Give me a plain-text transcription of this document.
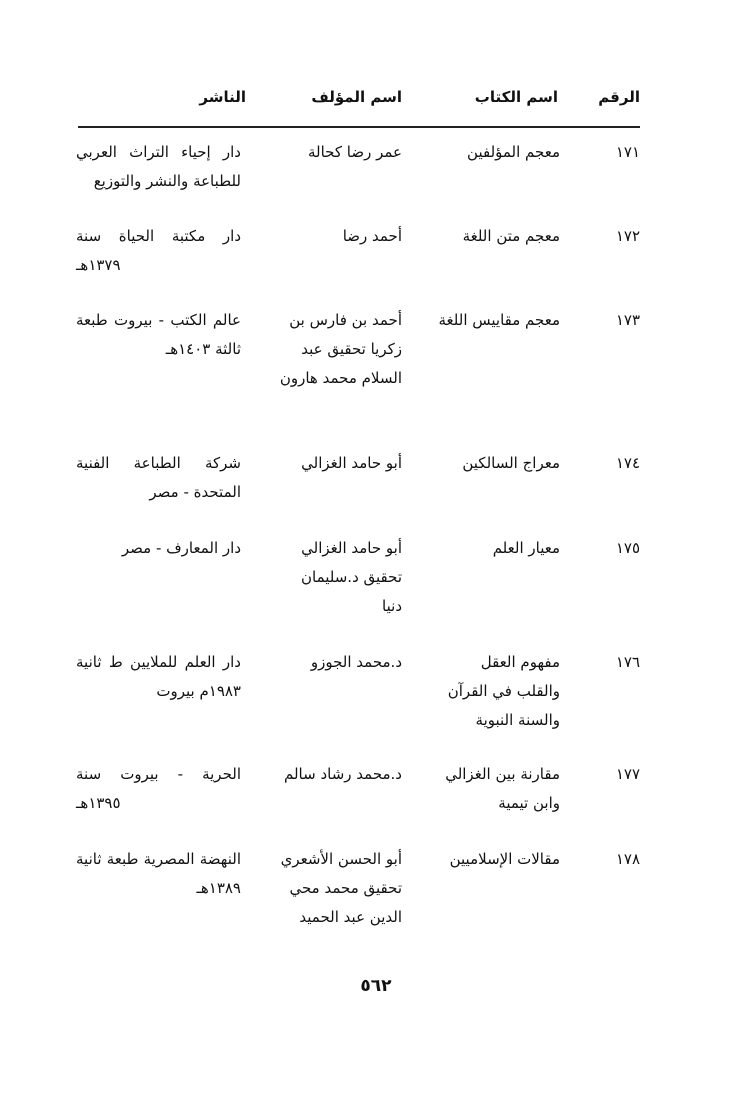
الرقم
اسم الكتاب
اسم المؤلف
الناشر
١٧١
معجم المؤلفين
عمر رضا كحالة
دار إحياء التراث العربي للطباعة والنشر والتوزيع
١٧٢
معجم متن اللغة
أحمد رضا
دار مكتبة الحياة سنة ١٣٧٩هـ
١٧٣
معجم مقاييس اللغة
أحمد بن فارس بن زكريا تحقيق عبد السلام محمد هارون
عالم الكتب - بيروت طبعة ثالثة ١٤٠٣هـ
١٧٤
معراج السالكين
أبو حامد الغزالي
شركة الطباعة الفنية المتحدة - مصر
١٧٥
معيار العلم
أبو حامد الغزالي تحقيق د.سليمان دنيا
دار المعارف - مصر
١٧٦
مفهوم العقل والقلب في القرآن والسنة النبوية
د.محمد الجوزو
دار العلم للملايين ط ثانية ١٩٨٣م بيروت
١٧٧
مقارنة بين الغزالي وابن تيمية
د.محمد رشاد سالم
الحرية - بيروت سنة ١٣٩٥هـ
١٧٨
مقالات الإسلاميين
أبو الحسن الأشعري تحقيق محمد محي الدين عبد الحميد
النهضة المصرية طبعة ثانية ١٣٨٩هـ
٥٦٢
